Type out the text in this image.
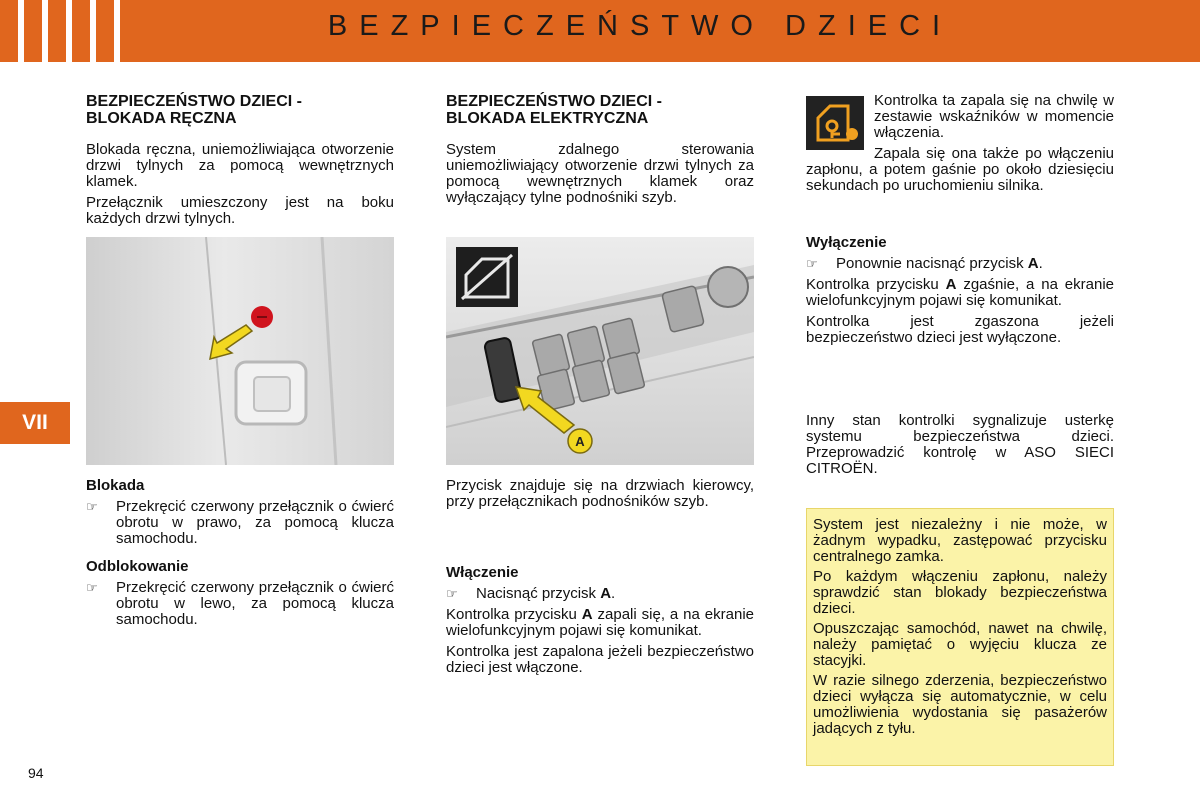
BEZPIECZEŃSTWO DZIECI
VII
94
BEZPIECZEŃSTWO DZIECI -
BLOKADA RĘCZNA
Blokada ręczna, uniemożliwiająca otworzenie drzwi tylnych za pomocą wewnętrznych klamek.
Przełącznik umieszczony jest na boku każdych drzwi tylnych.
Blokada
☞	Przekręcić czerwony przełącznik o ćwierć obrotu w prawo, za pomocą klucza samochodu.
Odblokowanie
☞	Przekręcić czerwony przełącznik o ćwierć obrotu w lewo, za pomocą klucza samochodu.
BEZPIECZEŃSTWO DZIECI -
BLOKADA ELEKTRYCZNA
System zdalnego sterowania uniemożliwiający otworzenie drzwi tylnych za pomocą wewnętrznych klamek oraz wyłączający tylne podnośniki szyb.
A
Przycisk znajduje się na drzwiach kierowcy, przy przełącznikach podnośników szyb.
Włączenie
☞	Nacisnąć przycisk A.
Kontrolka przycisku A zapali się, a na ekranie wielofunkcyjnym pojawi się komunikat.
Kontrolka jest zapalona jeżeli bezpieczeństwo dzieci jest włączone.
Kontrolka ta zapala się na chwilę w zestawie wskaźników w momencie włączenia.
Zapala się ona także po włączeniu zapłonu, a potem gaśnie po około dziesięciu sekundach po uruchomieniu silnika.
Wyłączenie
☞	Ponownie nacisnąć przycisk A.
Kontrolka przycisku A zgaśnie, a na ekranie wielofunkcyjnym pojawi się komunikat.
Kontrolka jest zgaszona jeżeli bezpieczeństwo dzieci jest wyłączone.
Inny stan kontrolki sygnalizuje usterkę systemu bezpieczeństwa dzieci. Przeprowadzić kontrolę w ASO SIECI CITROËN.
System jest niezależny i nie może, w żadnym wypadku, zastępować przycisku centralnego zamka.
Po każdym włączeniu zapłonu, należy sprawdzić stan blokady bezpieczeństwa dzieci.
Opuszczając samochód, nawet na chwilę, należy pamiętać o wyjęciu klucza ze stacyjki.
W razie silnego zderzenia, bezpieczeństwo dzieci wyłącza się automatycznie, w celu umożliwienia wydostania się pasażerów jadących z tyłu.
